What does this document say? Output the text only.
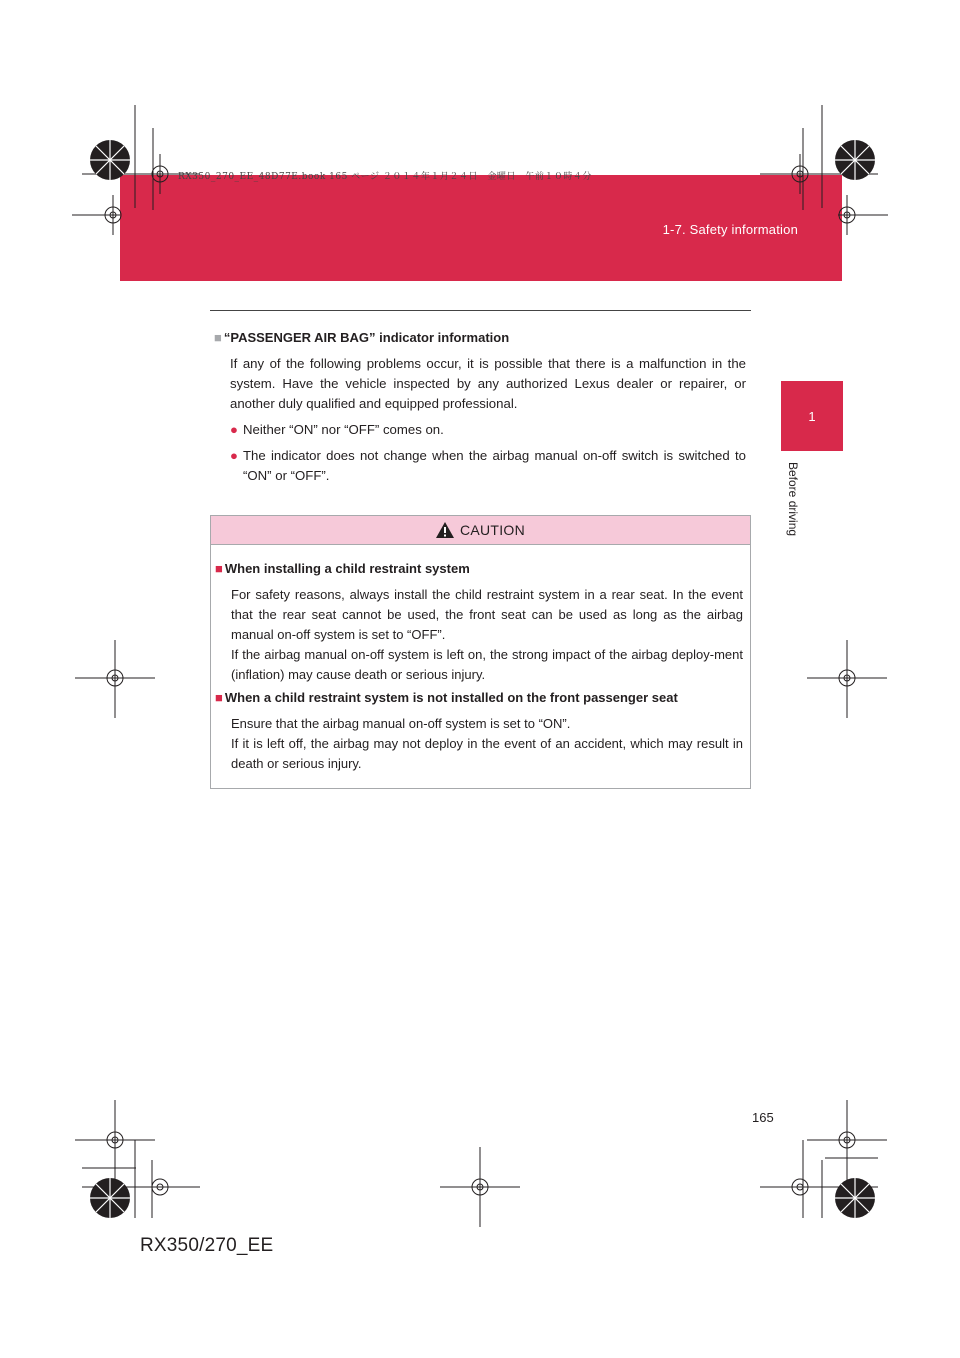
1-7. Safety information
RX350_270_EE_48D77E.book 165 ページ ２０１４年１月２４日　金曜日　午前１０時４分
1
Before driving
■ “PASSENGER AIR BAG” indicator information
If any of the following problems occur, it is possible that there is a malfunction in the system. Have the vehicle inspected by any authorized Lexus dealer or repairer, or another duly qualified and equipped professional.
● Neither “ON” nor “OFF” comes on.
● The indicator does not change when the airbag manual on-off switch is switched to “ON” or “OFF”.
CAUTION
■ When installing a child restraint system
For safety reasons, always install the child restraint system in a rear seat. In the event that the rear seat cannot be used, the front seat can be used as long as the airbag manual on-off system is set to “OFF”.
If the airbag manual on-off system is left on, the strong impact of the airbag deploy-ment (inflation) may cause death or serious injury.
■ When a child restraint system is not installed on the front passenger seat
Ensure that the airbag manual on-off system is set to “ON”.
If it is left off, the airbag may not deploy in the event of an accident, which may result in death or serious injury.
165
RX350/270_EE
